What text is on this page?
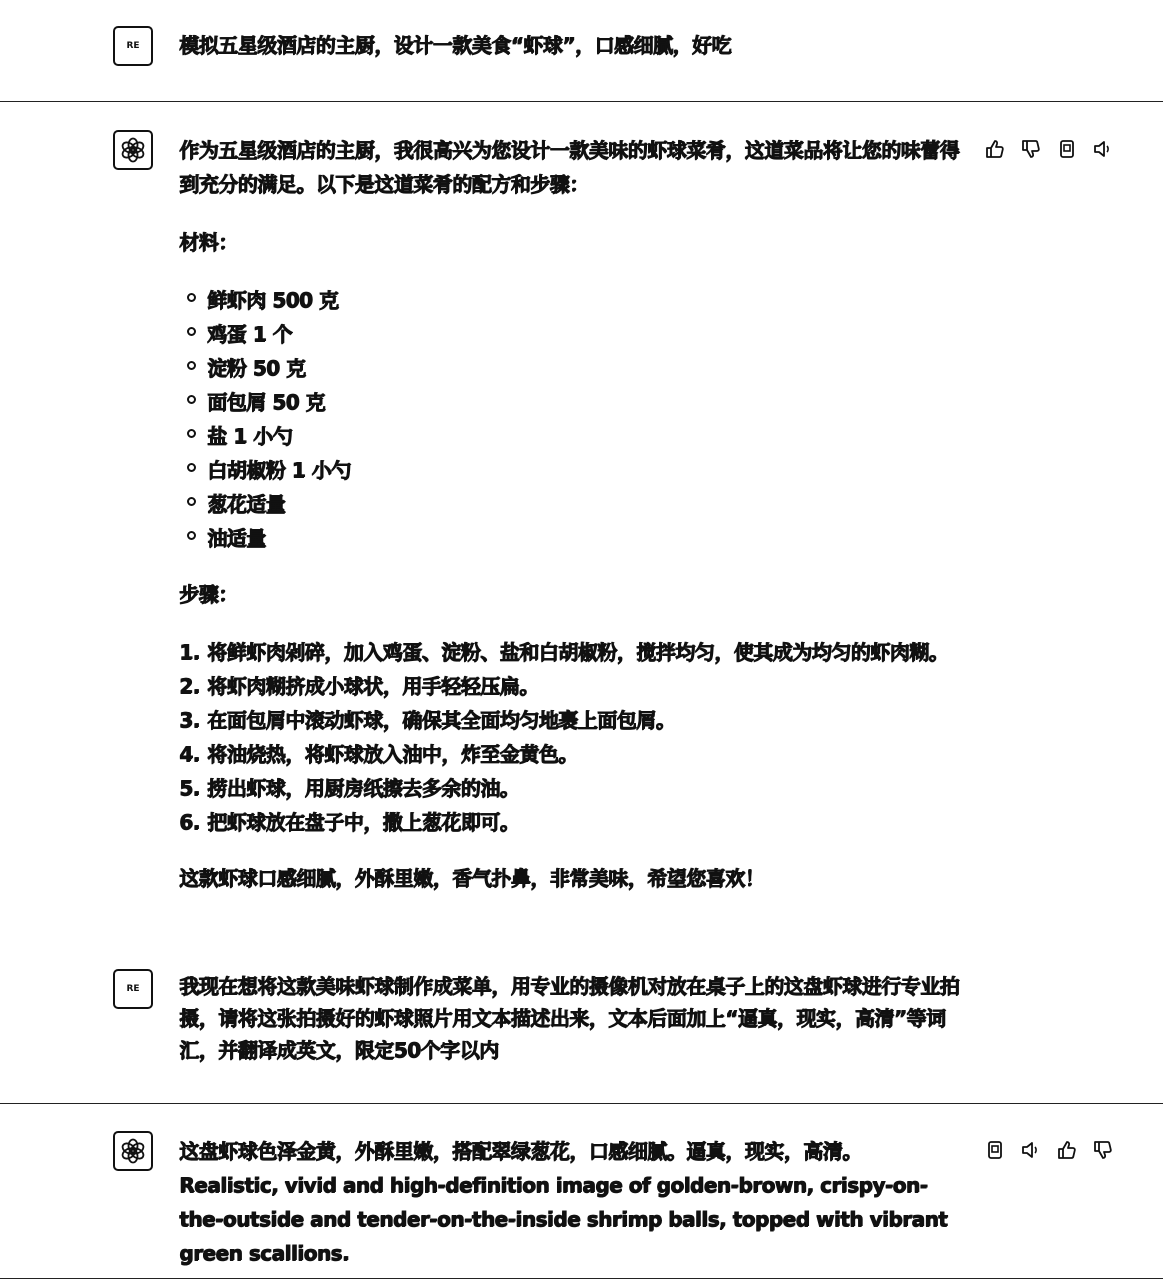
RE 模拟五星级酒店的主厨，设计一款美食“虾球”，口感细腻，好吃

作为五星级酒店的主厨，我很高兴为您设计一款美味的虾球菜肴，这道菜品将让您的味蕾得到充分的满足。以下是这道菜肴的配方和步骤：

材料：

鲜虾肉 500 克
鸡蛋 1 个
淀粉 50 克
面包屑 50 克
盐 1 小勺
白胡椒粉 1 小勺
葱花适量
油适量

步骤：

1. 将鲜虾肉剁碎，加入鸡蛋、淀粉、盐和白胡椒粉，搅拌均匀，使其成为均匀的虾肉糊。
2. 将虾肉糊挤成小球状，用手轻轻压扁。
3. 在面包屑中滚动虾球，确保其全面均匀地裹上面包屑。
4. 将油烧热，将虾球放入油中，炸至金黄色。
5. 捞出虾球，用厨房纸擦去多余的油。
6. 把虾球放在盘子中，撒上葱花即可。

这款虾球口感细腻，外酥里嫩，香气扑鼻，非常美味，希望您喜欢！

RE 我现在想将这款美味虾球制作成菜单，用专业的摄像机对放在桌子上的这盘虾球进行专业拍摄，请将这张拍摄好的虾球照片用文本描述出来，文本后面加上“逼真，现实，高清”等词汇，并翻译成英文，限定50个字以内

这盘虾球色泽金黄，外酥里嫩，搭配翠绿葱花，口感细腻。逼真，现实，高清。

Realistic, vivid and high-definition image of golden-brown, crispy-on-the-outside and tender-on-the-inside shrimp balls, topped with vibrant green scallions.
